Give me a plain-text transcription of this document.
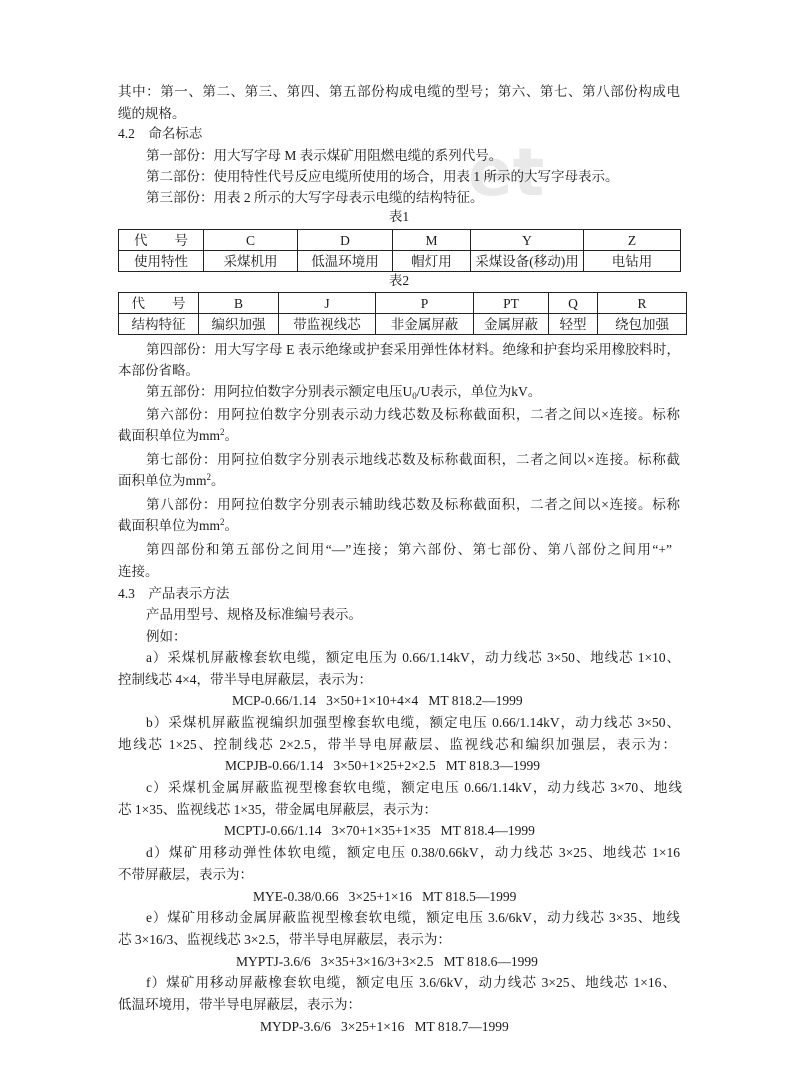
et
其中：第一、第二、第三、第四、第五部份构成电缆的型号；第六、第七、第八部份构成电
缆的规格。
4.2　命名标志
第一部份：用大写字母 M 表示煤矿用阻燃电缆的系列代号。
第二部份：使用特性代号反应电缆所使用的场合，用表 1 所示的大写字母表示。
第三部份：用表 2 所示的大写字母表示电缆的结构特征。
表1
代　　号	C	D	M	Y	Z
使用特性	采煤机用	低温环境用	帽灯用	采煤设备(移动)用	电钻用
表2
代　　号	B	J	P	PT	Q	R
结构特征	编织加强	带监视线芯	非金属屏蔽	金属屏蔽	轻型	绕包加强
第四部份：用大写字母 E 表示绝缘或护套采用弹性体材料。绝缘和护套均采用橡胶料时，
本部份省略。
第五部份：用阿拉伯数字分别表示额定电压$U_0/U$表示，单位为kV。
第六部份：用阿拉伯数字分别表示动力线芯数及标称截面积，二者之间以×连接。标称
截面积单位为$mm^2$。
第七部份：用阿拉伯数字分别表示地线芯数及标称截面积，二者之间以×连接。标称截
面积单位为$mm^2$。
第八部份：用阿拉伯数字分别表示辅助线芯数及标称截面积，二者之间以×连接。标称
截面积单位为$mm^2$。
第四部份和第五部份之间用“—”连接；第六部份、第七部份、第八部份之间用“+”
连接。
4.3　产品表示方法
产品用型号、规格及标准编号表示。
例如：
a）采煤机屏蔽橡套软电缆，额定电压为 0.66/1.14kV，动力线芯 3×50、地线芯 1×10、
控制线芯 4×4，带半导电屏蔽层，表示为：
MCP-0.66/1.14   3×50+1×10+4×4   MT 818.2—1999
b）采煤机屏蔽监视编织加强型橡套软电缆，额定电压 0.66/1.14kV，动力线芯 3×50、
地线芯 1×25、控制线芯 2×2.5，带半导电屏蔽层、监视线芯和编织加强层，表示为：
MCPJB-0.66/1.14   3×50+1×25+2×2.5   MT 818.3—1999
c）采煤机金属屏蔽监视型橡套软电缆，额定电压 0.66/1.14kV，动力线芯 3×70、地线
芯 1×35、监视线芯 1×35，带金属电屏蔽层，表示为：
MCPTJ-0.66/1.14   3×70+1×35+1×35   MT 818.4—1999
d）煤矿用移动弹性体软电缆，额定电压 0.38/0.66kV，动力线芯 3×25、地线芯 1×16
不带屏蔽层，表示为：
MYE-0.38/0.66   3×25+1×16   MT 818.5—1999
e）煤矿用移动金属屏蔽监视型橡套软电缆，额定电压 3.6/6kV，动力线芯 3×35、地线
芯 3×16/3、监视线芯 3×2.5，带半导电屏蔽层，表示为：
MYPTJ-3.6/6   3×35+3×16/3+3×2.5   MT 818.6—1999
f）煤矿用移动屏蔽橡套软电缆，额定电压 3.6/6kV，动力线芯 3×25、地线芯 1×16、
低温环境用，带半导电屏蔽层，表示为：
MYDP-3.6/6   3×25+1×16   MT 818.7—1999
